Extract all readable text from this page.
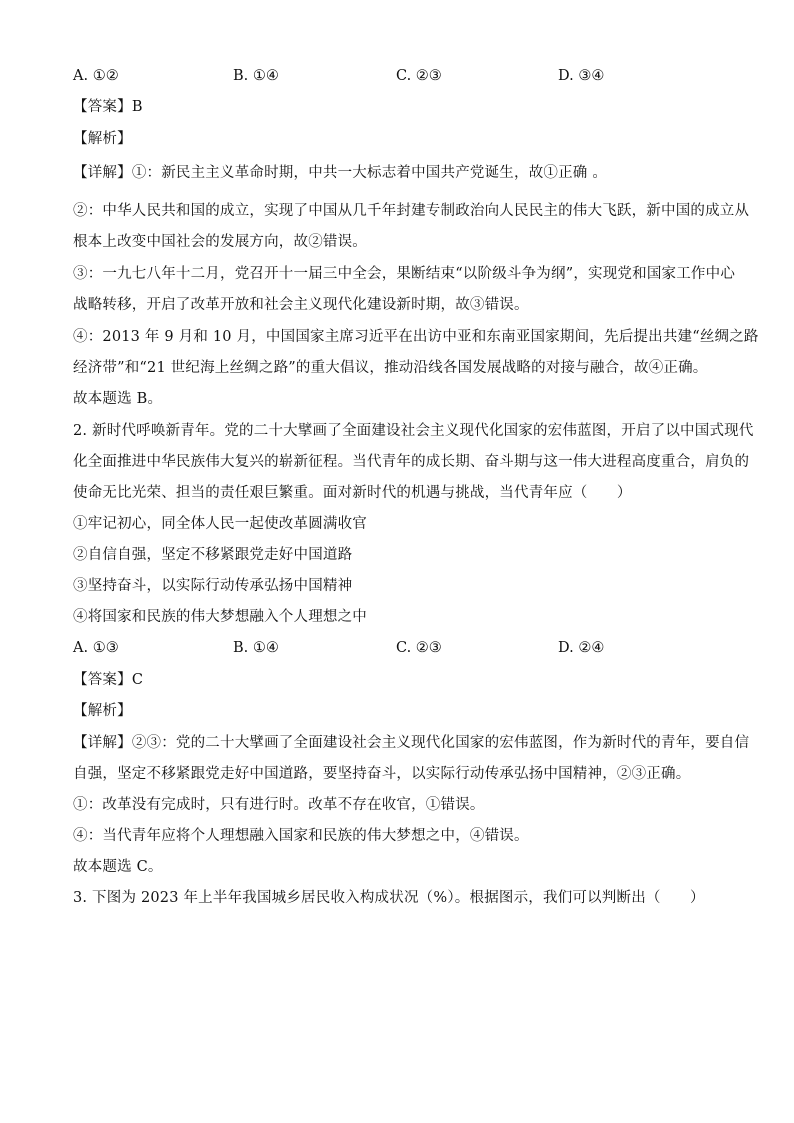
A. ①②	B. ①④	C. ②③	D. ③④
【答案】B
【解析】
【详解】①：新民主主义革命时期，中共一大标志着中国共产党诞生，故①正确 。
②：中华人民共和国的成立，实现了中国从几千年封建专制政治向人民民主的伟大飞跃，新中国的成立从
根本上改变中国社会的发展方向，故②错误。
③：一九七八年十二月，党召开十一届三中全会，果断结束“以阶级斗争为纲”，实现党和国家工作中心
战略转移，开启了改革开放和社会主义现代化建设新时期，故③错误。
④：2013 年 9 月和 10 月，中国国家主席习近平在出访中亚和东南亚国家期间，先后提出共建“丝绸之路
经济带”和“21 世纪海上丝绸之路”的重大倡议，推动沿线各国发展战略的对接与融合，故④正确。
故本题选 B。
2. 新时代呼唤新青年。党的二十大擘画了全面建设社会主义现代化国家的宏伟蓝图，开启了以中国式现代
化全面推进中华民族伟大复兴的崭新征程。当代青年的成长期、奋斗期与这一伟大进程高度重合，肩负的
使命无比光荣、担当的责任艰巨繁重。面对新时代的机遇与挑战，当代青年应（　　）
①牢记初心，同全体人民一起使改革圆满收官
②自信自强，坚定不移紧跟党走好中国道路
③坚持奋斗，以实际行动传承弘扬中国精神
④将国家和民族的伟大梦想融入个人理想之中
A. ①③	B. ①④	C. ②③	D. ②④
【答案】C
【解析】
【详解】②③：党的二十大擘画了全面建设社会主义现代化国家的宏伟蓝图，作为新时代的青年，要自信
自强，坚定不移紧跟党走好中国道路，要坚持奋斗，以实际行动传承弘扬中国精神，②③正确。
①：改革没有完成时，只有进行时。改革不存在收官，①错误。
④：当代青年应将个人理想融入国家和民族的伟大梦想之中，④错误。
故本题选 C。
3. 下图为 2023 年上半年我国城乡居民收入构成状况（%）。根据图示，我们可以判断出（　　）
